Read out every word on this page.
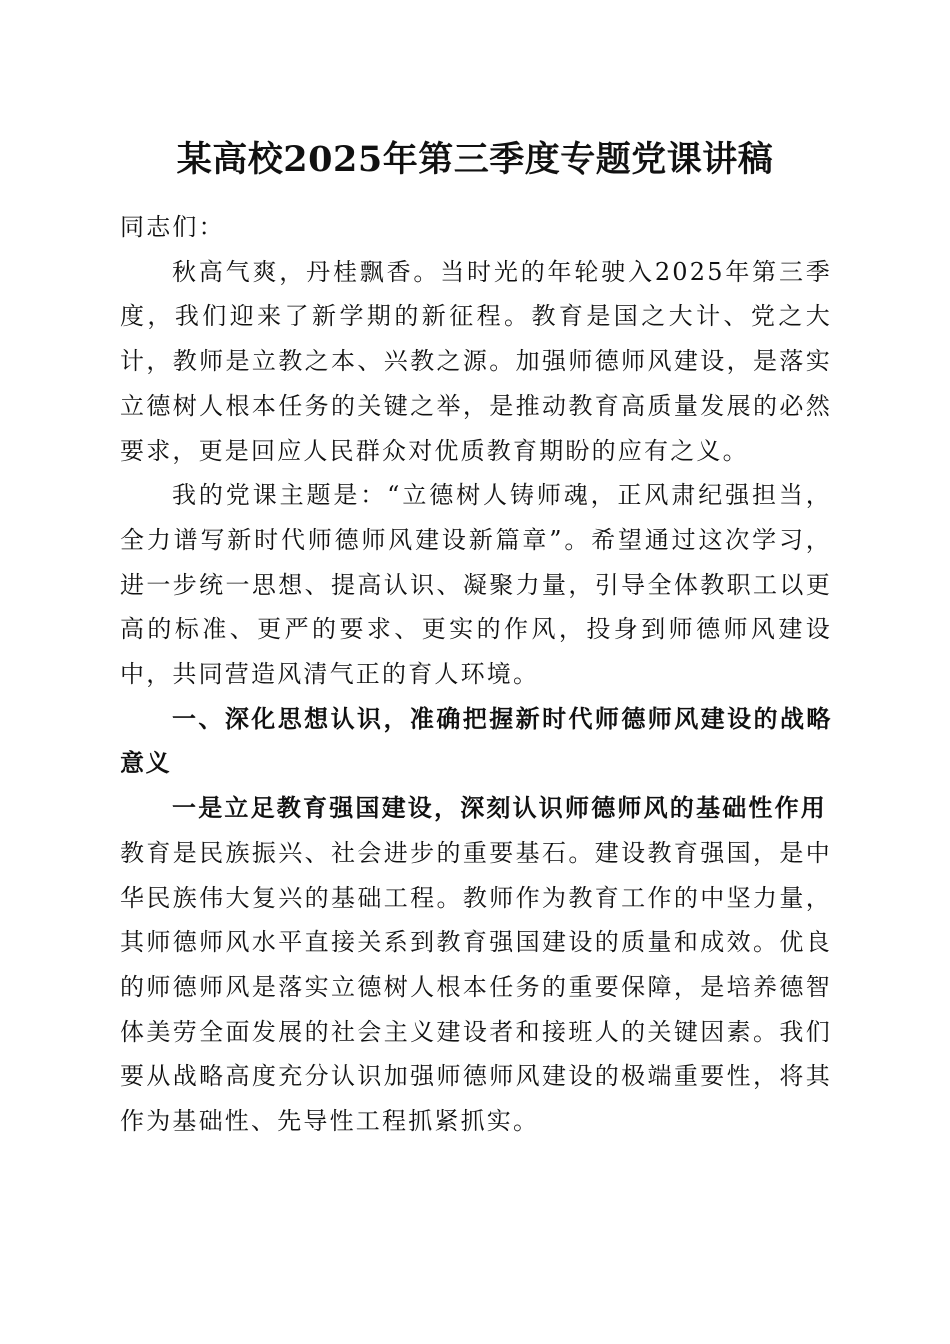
某高校2025年第三季度专题党课讲稿

同志们：

秋高气爽，丹桂飘香。当时光的年轮驶入2025年第三季度，我们迎来了新学期的新征程。教育是国之大计、党之大计，教师是立教之本、兴教之源。加强师德师风建设，是落实立德树人根本任务的关键之举，是推动教育高质量发展的必然要求，更是回应人民群众对优质教育期盼的应有之义。

我的党课主题是：“立德树人铸师魂，正风肃纪强担当，全力谱写新时代师德师风建设新篇章”。希望通过这次学习，进一步统一思想、提高认识、凝聚力量，引导全体教职工以更高的标准、更严的要求、更实的作风，投身到师德师风建设中，共同营造风清气正的育人环境。

一、深化思想认识，准确把握新时代师德师风建设的战略意义

一是立足教育强国建设，深刻认识师德师风的基础性作用

教育是民族振兴、社会进步的重要基石。建设教育强国，是中华民族伟大复兴的基础工程。教师作为教育工作的中坚力量，其师德师风水平直接关系到教育强国建设的质量和成效。优良的师德师风是落实立德树人根本任务的重要保障，是培养德智体美劳全面发展的社会主义建设者和接班人的关键因素。我们要从战略高度充分认识加强师德师风建设的极端重要性，将其作为基础性、先导性工程抓紧抓实。
